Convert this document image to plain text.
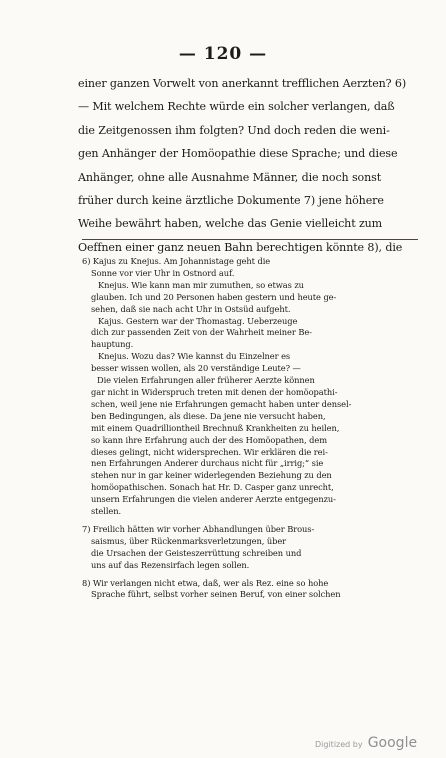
— 120 —
einer ganzen Vorwelt von anerkannt trefflichen Aerzten? 6)
— Mit welchem Rechte würde ein solcher verlangen, daß
die Zeitgenossen ihm folgten? Und doch reden die weni-
gen Anhänger der Homöopathie diese Sprache; und diese
Anhänger, ohne alle Ausnahme Männer, die noch sonst
früher durch keine ärztliche Dokumente 7) jene höhere
Weihe bewährt haben, welche das Genie vielleicht zum
Oeffnen einer ganz neuen Bahn berechtigen könnte 8), die
6) Kajus zu Knejus. Am Johannistage geht die
Sonne vor vier Uhr in Ostnord auf.
Knejus. Wie kann man mir zumuthen, so etwas zu
glauben. Ich und 20 Personen haben gestern und heute ge-
sehen, daß sie nach acht Uhr in Ostsüd aufgeht.
Kajus. Gestern war der Thomastag. Ueberzeuge
dich zur passenden Zeit von der Wahrheit meiner Be-
hauptung.
Knejus. Wozu das? Wie kannst du Einzelner es
besser wissen wollen, als 20 verständige Leute? —
Die vielen Erfahrungen aller früherer Aerzte können
gar nicht in Widerspruch treten mit denen der homöopathi-
schen, weil jene nie Erfahrungen gemacht haben unter densel-
ben Bedingungen, als diese. Da jene nie versucht haben,
mit einem Quadrilliontheil Brechnuß Krankheiten zu heilen,
so kann ihre Erfahrung auch der des Homöopathen, dem
dieses gelingt, nicht widersprechen. Wir erklären die rei-
nen Erfahrungen Anderer durchaus nicht für „irrig;“ sie
stehen nur in gar keiner widerlegenden Beziehung zu den
homöopathischen. Sonach hat Hr. D. Casper ganz unrecht,
unsern Erfahrungen die vielen anderer Aerzte entgegenzu-
stellen.
7) Freilich hätten wir vorher Abhandlungen über Brous-
saismus, über Rückenmarksverletzungen, über
die Ursachen der Geisteszerrüttung schreiben und
uns auf das Rezensirfach legen sollen.
8) Wir verlangen nicht etwa, daß, wer als Rez. eine so hohe
Sprache führt, selbst vorher seinen Beruf, von einer solchen
Digitized by Google
